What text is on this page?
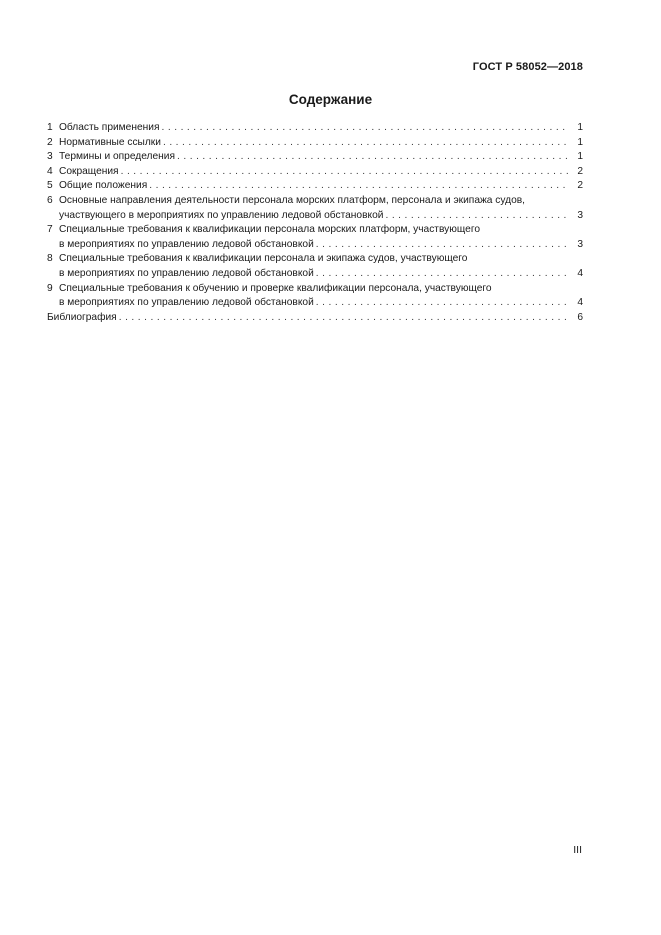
ГОСТ Р 58052—2018
Содержание
1 Область применения . . .	1
2 Нормативные ссылки . . .	1
3 Термины и определения . . .	1
4 Сокращения . . .	2
5 Общие положения . . .	2
6 Основные направления деятельности персонала морских платформ, персонала и экипажа судов,
участвующего в мероприятиях по управлению ледовой обстановкой . . .	3
7 Специальные требования к квалификации персонала морских платформ, участвующего
в мероприятиях по управлению ледовой обстановкой . . .	3
8 Специальные требования к квалификации персонала и экипажа судов, участвующего
в мероприятиях по управлению ледовой обстановкой . . .	4
9 Специальные требования к обучению и проверке квалификации персонала, участвующего
в мероприятиях по управлению ледовой обстановкой . . .	4
Библиография . . .	6
III
